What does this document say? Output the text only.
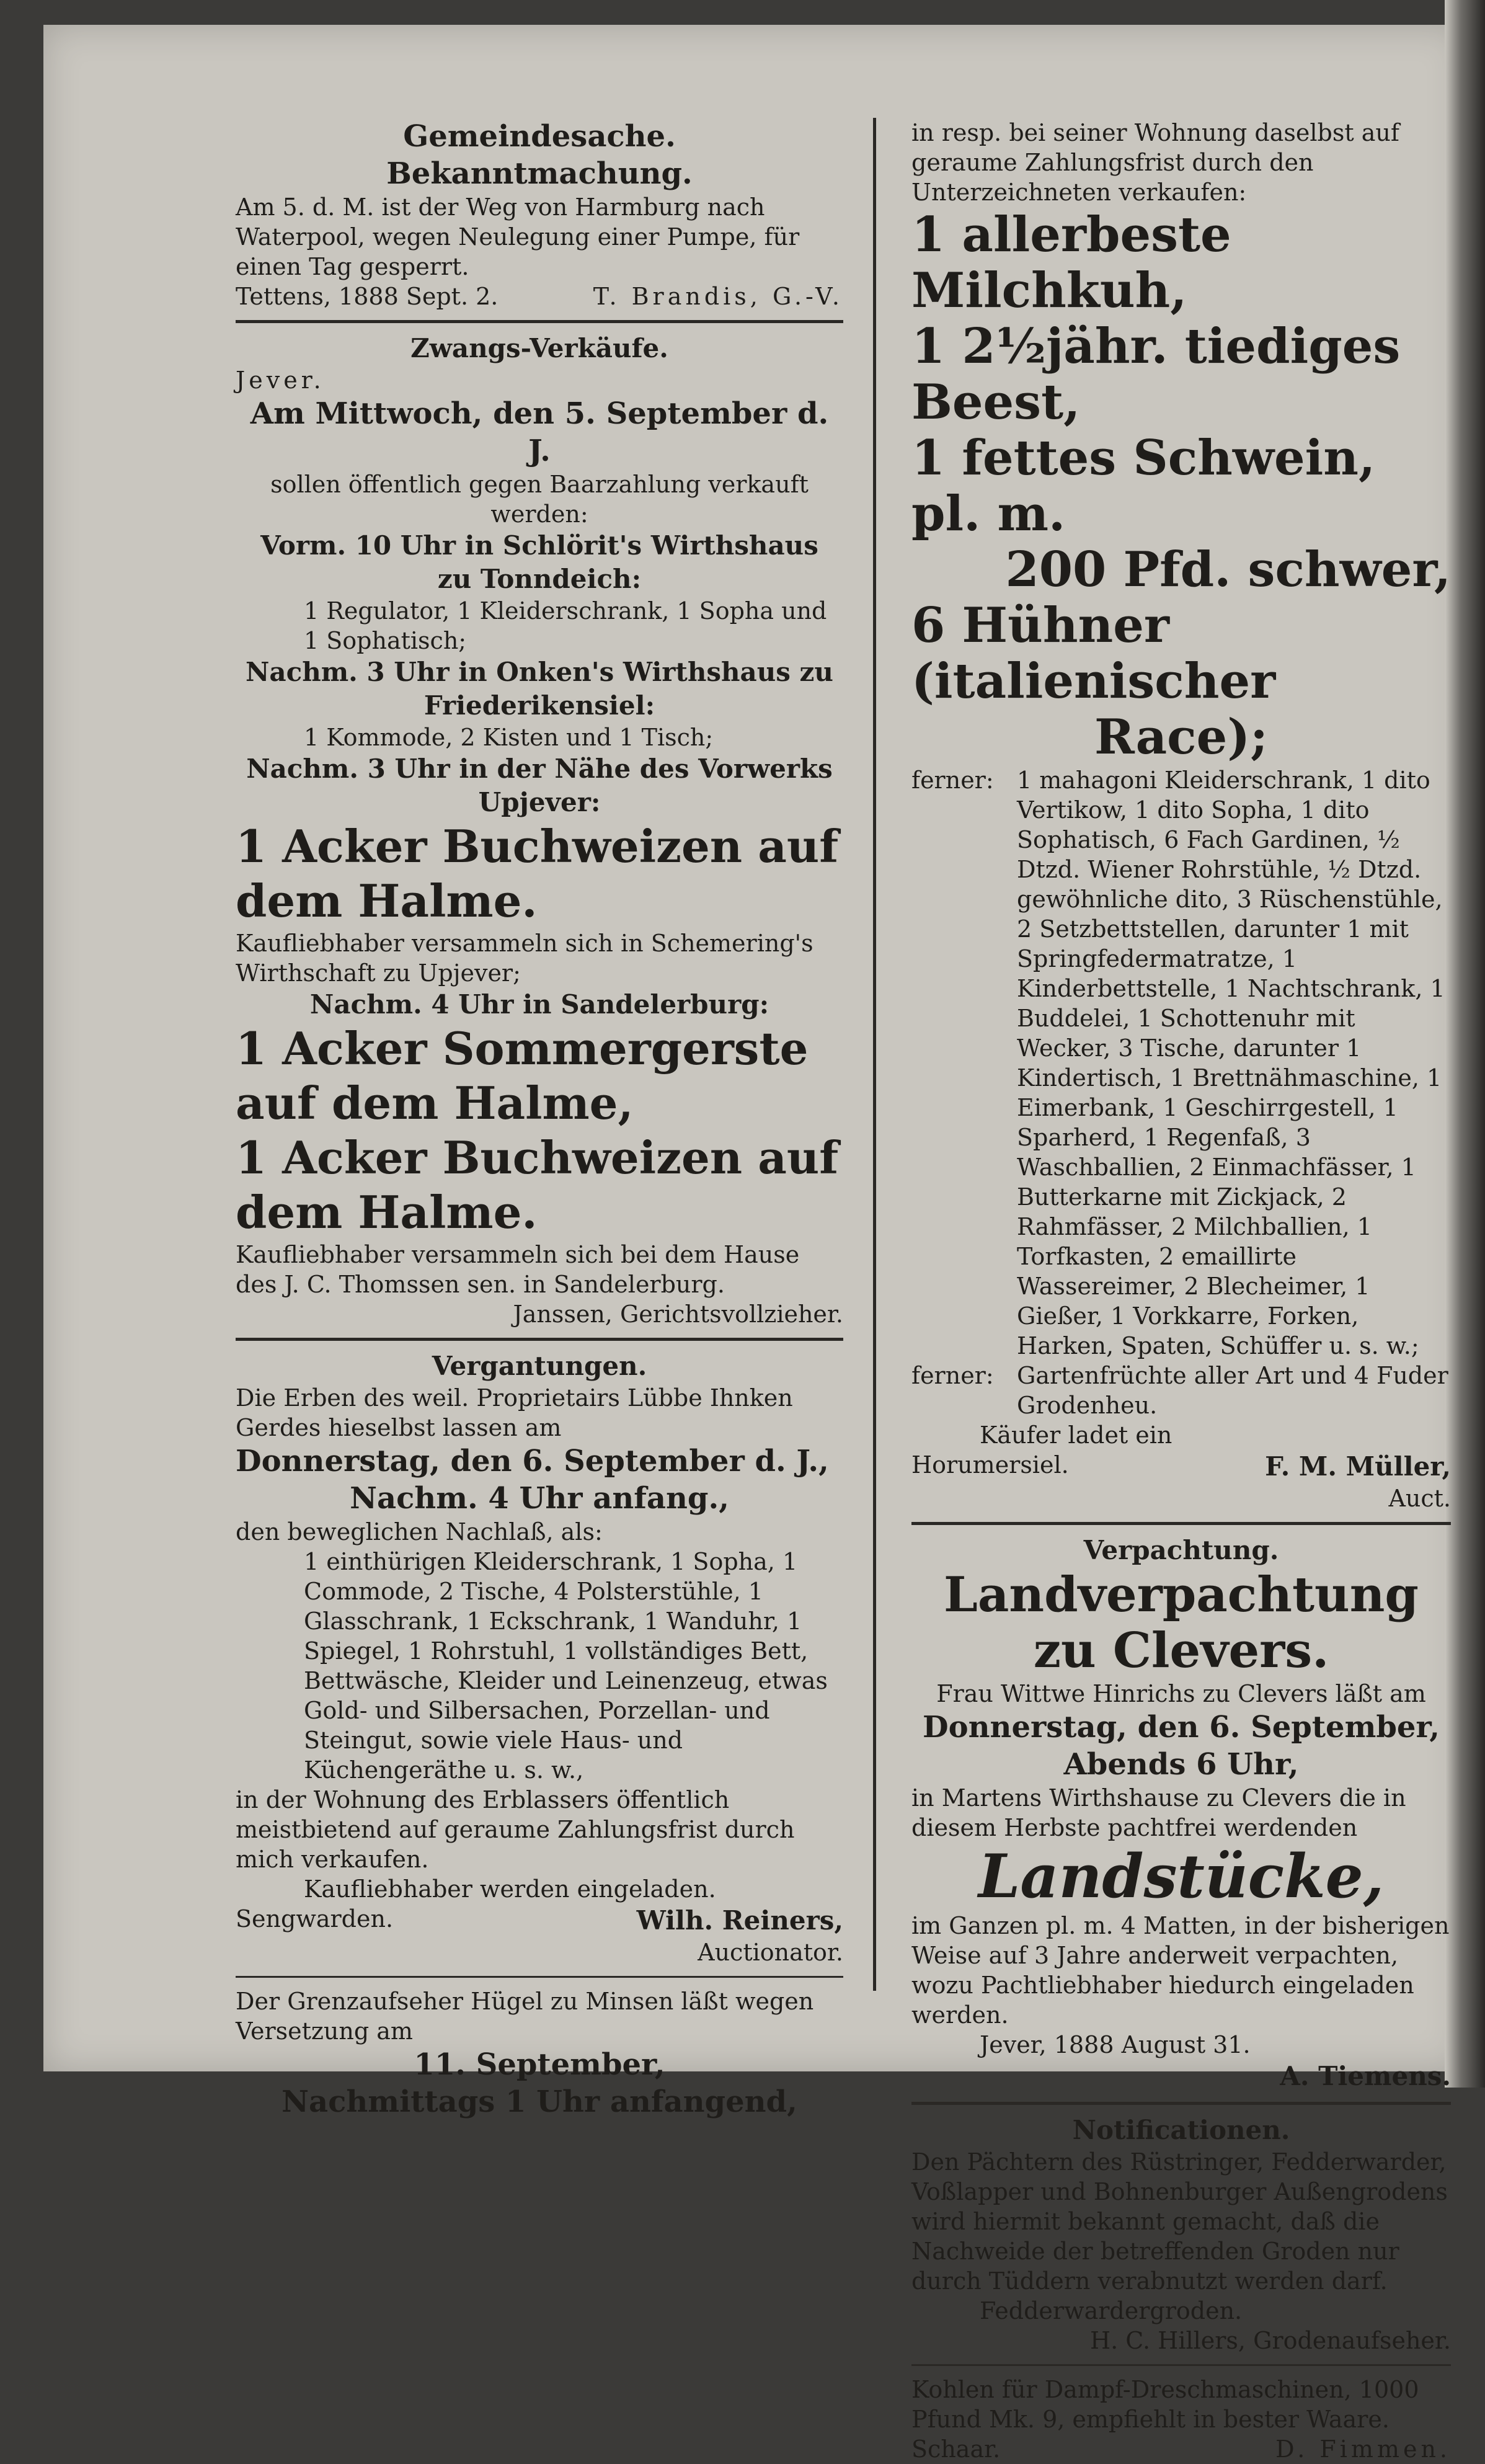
Gemeindesache.

Bekanntmachung.

Am 5. d. M. ist der Weg von Harmburg nach Waterpool, wegen Neulegung einer Pumpe, für einen Tag gesperrt.

Tettens, 1888 Sept. 2.	T. Brandis, G.-V.

Zwangs-Verkäufe.

Jever.

Am Mittwoch, den 5. September d. J.

sollen öffentlich gegen Baarzahlung verkauft werden:

Vorm. 10 Uhr in Schlörit's Wirthshaus

zu Tonndeich:

1 Regulator, 1 Kleiderschrank, 1 Sopha und 1 Sophatisch;

Nachm. 3 Uhr in Onken's Wirthshaus zu

Friederikensiel:

1 Kommode, 2 Kisten und 1 Tisch;

Nachm. 3 Uhr in der Nähe des Vorwerks

Upjever:

1 Acker Buchweizen auf

dem Halme.

Kaufliebhaber versammeln sich in Schemering's Wirthschaft zu Upjever;

Nachm. 4 Uhr in Sandelerburg:

1 Acker Sommergerste

auf dem Halme,

1 Acker Buchweizen auf

dem Halme.

Kaufliebhaber versammeln sich bei dem Hause des J. C. Thomssen sen. in Sandelerburg.

Janssen, Gerichtsvollzieher.

Vergantungen.

Die Erben des weil. Proprietairs Lübbe Ihnken Gerdes hieselbst lassen am

Donnerstag, den 6. September d. J.,

Nachm. 4 Uhr anfang.,

den beweglichen Nachlaß, als:

1 einthürigen Kleiderschrank, 1 Sopha, 1 Commode, 2 Tische, 4 Polsterstühle, 1 Glasschrank, 1 Eckschrank, 1 Wanduhr, 1 Spiegel, 1 Rohrstuhl, 1 vollständiges Bett, Bettwäsche, Kleider und Leinenzeug, etwas Gold- und Silbersachen, Porzellan- und Steingut, sowie viele Haus- und Küchengeräthe u. s. w.,

in der Wohnung des Erblassers öffentlich meistbietend auf geraume Zahlungsfrist durch mich verkaufen.

Kaufliebhaber werden eingeladen.

Sengwarden.	Wilh. Reiners,

Auctionator.

Der Grenzaufseher Hügel zu Minsen läßt wegen Versetzung am

11. September,

Nachmittags 1 Uhr anfangend,

in resp. bei seiner Wohnung daselbst auf geraume Zahlungsfrist durch den Unterzeichneten verkaufen:

1 allerbeste Milchkuh,

1 2½jähr. tiediges Beest,

1 fettes Schwein, pl. m.

200 Pfd. schwer,

6 Hühner (italienischer

Race);

ferner: 1 mahagoni Kleiderschrank, 1 dito Vertikow, 1 dito Sopha, 1 dito Sophatisch, 6 Fach Gardinen, ½ Dtzd. Wiener Rohrstühle, ½ Dtzd. gewöhnliche dito, 3 Rüschenstühle, 2 Setzbettstellen, darunter 1 mit Springfedermatratze, 1 Kinderbettstelle, 1 Nachtschrank, 1 Buddelei, 1 Schottenuhr mit Wecker, 3 Tische, darunter 1 Kindertisch, 1 Brettnähmaschine, 1 Eimerbank, 1 Geschirrgestell, 1 Sparherd, 1 Regenfaß, 3 Waschballien, 2 Einmachfässer, 1 Butterkarne mit Zickjack, 2 Rahmfässer, 2 Milchballien, 1 Torfkasten, 2 emaillirte Wassereimer, 2 Blecheimer, 1 Gießer, 1 Vorkkarre, Forken, Harken, Spaten, Schüffer u. s. w.;

ferner: Gartenfrüchte aller Art und 4 Fuder Grodenheu.

Käufer ladet ein

Horumersiel.	F. M. Müller,

Auct.

Verpachtung.

Landverpachtung

zu Clevers.

Frau Wittwe Hinrichs zu Clevers läßt am

Donnerstag, den 6. September,

Abends 6 Uhr,

in Martens Wirthshause zu Clevers die in diesem Herbste pachtfrei werdenden

Landstücke,

im Ganzen pl. m. 4 Matten, in der bisherigen Weise auf 3 Jahre anderweit verpachten, wozu Pachtliebhaber hiedurch eingeladen werden.

Jever, 1888 August 31.

A. Tiemens.

Notificationen.

Den Pächtern des Rüstringer, Fedderwarder, Voßlapper und Bohnenburger Außengrodens wird hiermit bekannt gemacht, daß die Nachweide der betreffenden Groden nur durch Tüddern verabnutzt werden darf.

Fedderwardergroden.

H. C. Hillers, Grodenaufseher.

Kohlen für Dampf-Dreschmaschinen, 1000 Pfund Mk. 9, empfiehlt in bester Waare.

Schaar.	D. Fimmen.
